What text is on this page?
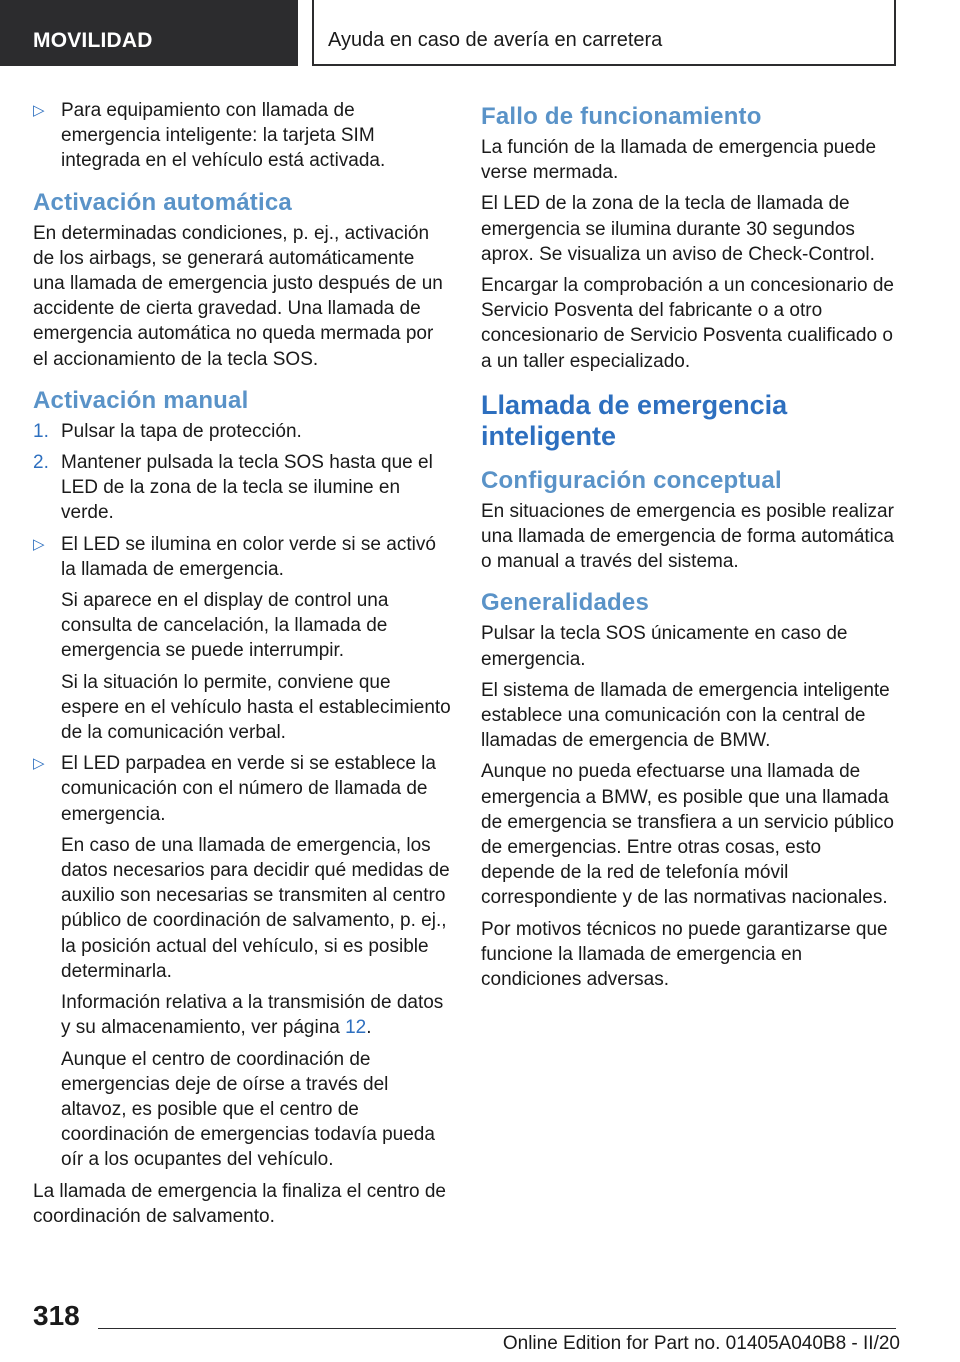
MOVILIDAD	Ayuda en caso de avería en carretera
▷ Para equipamiento con llamada de emergencia inteligente: la tarjeta SIM integrada en el vehículo está activada.
Activación automática

En determinadas condiciones, p. ej., activación de los airbags, se generará automáticamente una llamada de emergencia justo después de un accidente de cierta gravedad. Una llamada de emergencia automática no queda mermada por el accionamiento de la tecla SOS.

Activación manual
1. Pulsar la tapa de protección.
2. Mantener pulsada la tecla SOS hasta que el LED de la zona de la tecla se ilumine en verde.
▷ El LED se ilumina en color verde si se activó la llamada de emergencia.

Si aparece en el display de control una consulta de cancelación, la llamada de emergencia se puede interrumpir.

Si la situación lo permite, conviene que espere en el vehículo hasta el establecimiento de la comunicación verbal.

▷ El LED parpadea en verde si se establece la comunicación con el número de llamada de emergencia.

En caso de una llamada de emergencia, los datos necesarios para decidir qué medidas de auxilio son necesarias se transmiten al centro público de coordinación de salvamento, p. ej., la posición actual del vehículo, si es posible determinarla.

Información relativa a la transmisión de datos y su almacenamiento, ver página 12.

Aunque el centro de coordinación de emergencias deje de oírse a través del altavoz, es posible que el centro de coordinación de emergencias todavía pueda oír a los ocupantes del vehículo.

La llamada de emergencia la finaliza el centro de coordinación de salvamento.

Fallo de funcionamiento

La función de la llamada de emergencia puede verse mermada.

El LED de la zona de la tecla de llamada de emergencia se ilumina durante 30 segundos aprox. Se visualiza un aviso de Check-Control.

Encargar la comprobación a un concesionario de Servicio Posventa del fabricante o a otro concesionario de Servicio Posventa cualificado o a un taller especializado.

Llamada de emergencia inteligente
Configuración conceptual

En situaciones de emergencia es posible realizar una llamada de emergencia de forma automática o manual a través del sistema.

Generalidades

Pulsar la tecla SOS únicamente en caso de emergencia.

El sistema de llamada de emergencia inteligente establece una comunicación con la central de llamadas de emergencia de BMW.

Aunque no pueda efectuarse una llamada de emergencia a BMW, es posible que una llamada de emergencia se transfiera a un servicio público de emergencias. Entre otras cosas, esto depende de la red de telefonía móvil correspondiente y de las normativas nacionales.

Por motivos técnicos no puede garantizarse que funcione la llamada de emergencia en condiciones adversas.

318
Online Edition for Part no. 01405A040B8 - II/20
